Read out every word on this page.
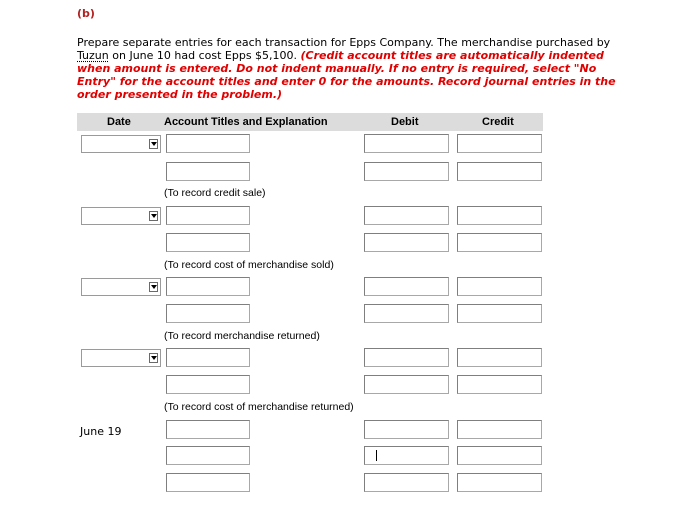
(b)
Prepare separate entries for each transaction for Epps Company. The merchandise purchased by Tuzun on June 10 had cost Epps $5,100. (Credit account titles are automatically indented when amount is entered. Do not indent manually. If no entry is required, select "No Entry" for the account titles and enter 0 for the amounts. Record journal entries in the order presented in the problem.)
Date	Account Titles and Explanation	Debit	Credit
(To record credit sale)
(To record cost of merchandise sold)
(To record merchandise returned)
(To record cost of merchandise returned)
June 19
